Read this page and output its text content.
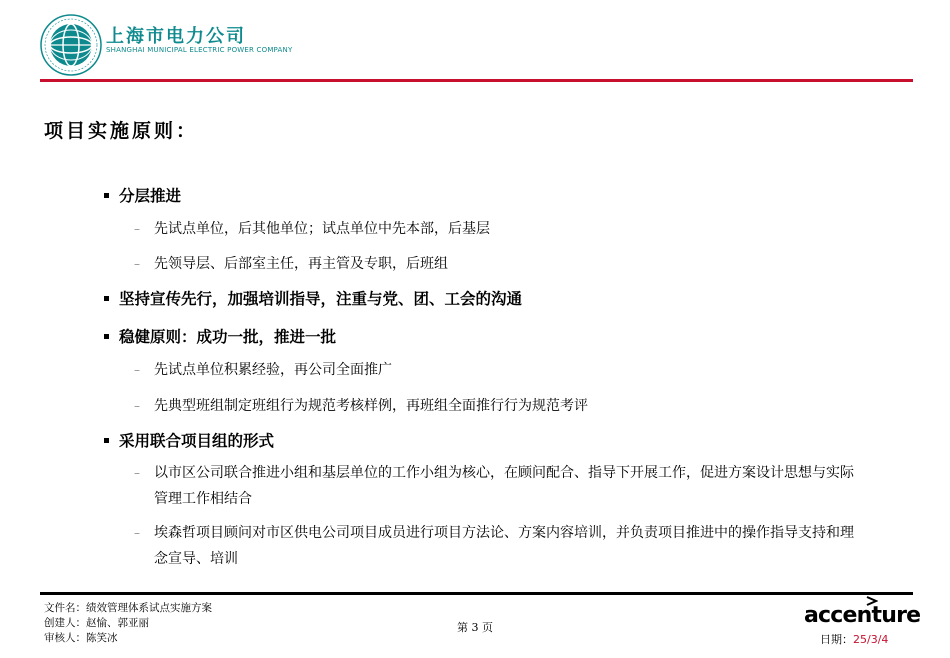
上海市电力公司
SHANGHAI MUNICIPAL ELECTRIC POWER COMPANY
项目实施原则：
分层推进
–	先试点单位，后其他单位；试点单位中先本部，后基层
–	先领导层、后部室主任，再主管及专职，后班组
坚持宣传先行，加强培训指导，注重与党、团、工会的沟通
稳健原则：成功一批，推进一批
–	先试点单位积累经验，再公司全面推广
–	先典型班组制定班组行为规范考核样例，再班组全面推行行为规范考评
采用联合项目组的形式
–	以市区公司联合推进小组和基层单位的工作小组为核心，在顾问配合、指导下开展工作，促进方案设计思想与实际管理工作相结合
–	埃森哲项目顾问对市区供电公司项目成员进行项目方法论、方案内容培训，并负责项目推进中的操作指导支持和理念宣导、培训
文件名：绩效管理体系试点实施方案
创建人：赵愉、郭亚丽
审核人：陈笑冰
第 3 页	accenture
日期：25/3/4
